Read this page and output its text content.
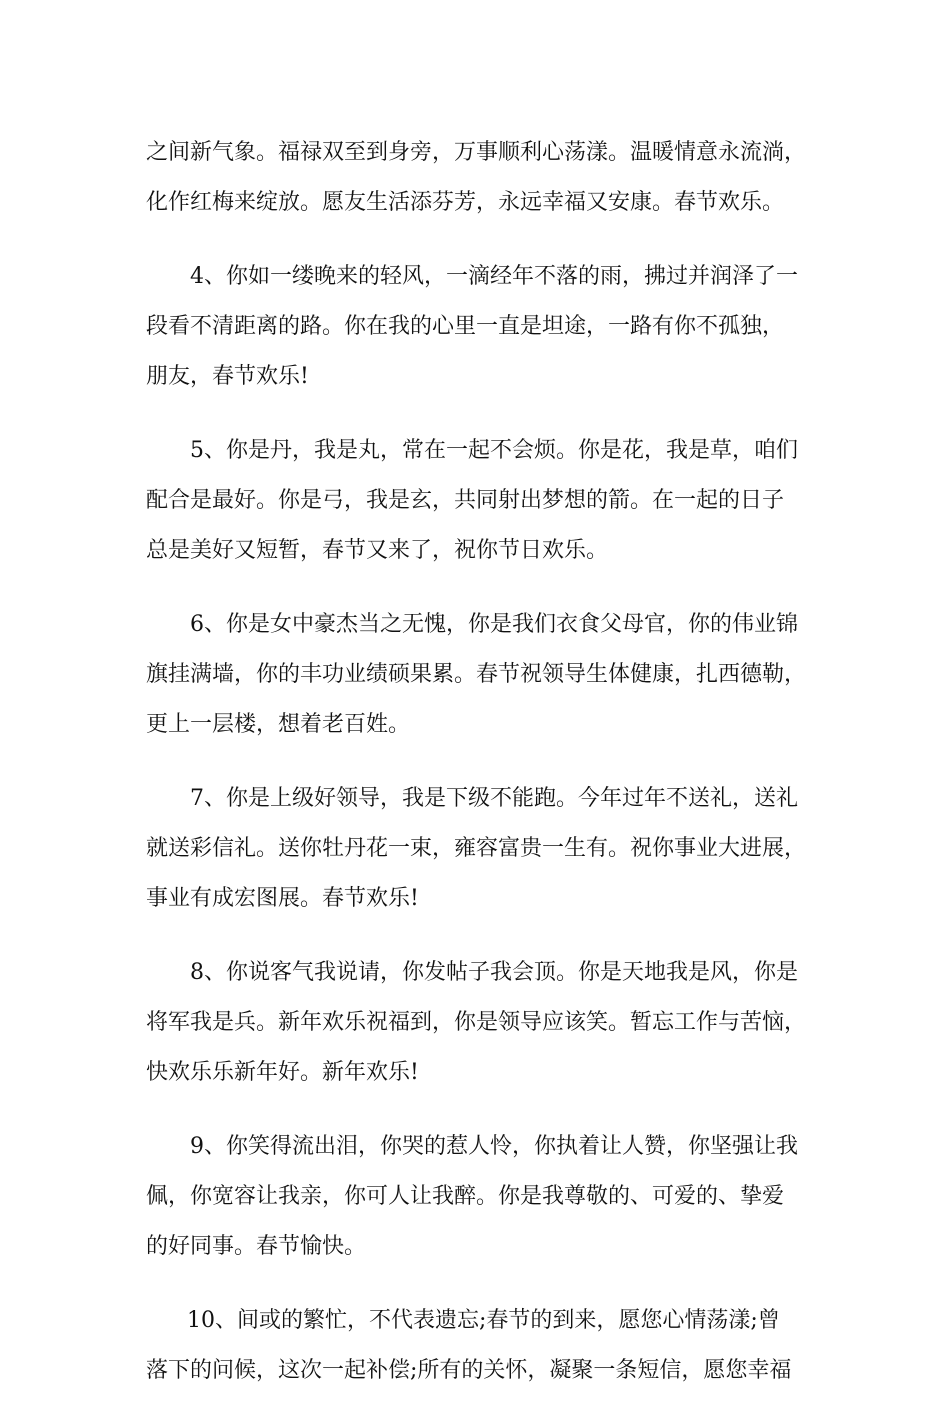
之间新气象。福禄双至到身旁，万事顺利心荡漾。温暖情意永流淌，
化作红梅来绽放。愿友生活添芬芳，永远幸福又安康。春节欢乐。

4、你如一缕晚来的轻风，一滴经年不落的雨，拂过并润泽了一
段看不清距离的路。你在我的心里一直是坦途，一路有你不孤独，
朋友，春节欢乐!

5、你是丹，我是丸，常在一起不会烦。你是花，我是草，咱们
配合是最好。你是弓，我是玄，共同射出梦想的箭。在一起的日子
总是美好又短暂，春节又来了，祝你节日欢乐。

6、你是女中豪杰当之无愧，你是我们衣食父母官，你的伟业锦
旗挂满墙，你的丰功业绩硕果累。春节祝领导生体健康，扎西德勒，
更上一层楼，想着老百姓。

7、你是上级好领导，我是下级不能跑。今年过年不送礼，送礼
就送彩信礼。送你牡丹花一束，雍容富贵一生有。祝你事业大进展，
事业有成宏图展。春节欢乐!

8、你说客气我说请，你发帖子我会顶。你是天地我是风，你是
将军我是兵。新年欢乐祝福到，你是领导应该笑。暂忘工作与苦恼，
快欢乐乐新年好。新年欢乐!

9、你笑得流出泪，你哭的惹人怜，你执着让人赞，你坚强让我
佩，你宽容让我亲，你可人让我醉。你是我尊敬的、可爱的、挚爱
的好同事。春节愉快。

10、间或的繁忙，不代表遗忘;春节的到来，愿您心情荡漾;曾
落下的问候，这次一起补偿;所有的关怀，凝聚一条短信，愿您幸福
